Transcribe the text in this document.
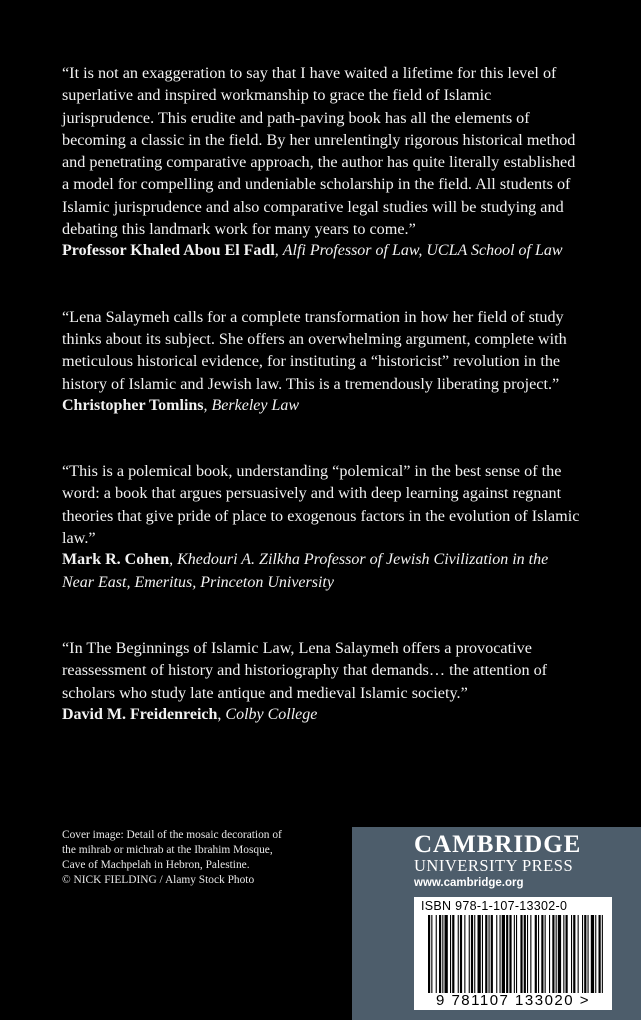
“It is not an exaggeration to say that I have waited a lifetime for this level of superlative and inspired workmanship to grace the field of Islamic jurisprudence. This erudite and path-paving book has all the elements of becoming a classic in the field. By her unrelentingly rigorous historical method and penetrating comparative approach, the author has quite literally established a model for compelling and undeniable scholarship in the field. All students of Islamic jurisprudence and also comparative legal studies will be studying and debating this landmark work for many years to come.”

Professor Khaled Abou El Fadl, Alfi Professor of Law, UCLA School of Law

“Lena Salaymeh calls for a complete transformation in how her field of study thinks about its subject. She offers an overwhelming argument, complete with meticulous historical evidence, for instituting a “historicist” revolution in the history of Islamic and Jewish law. This is a tremendously liberating project.”

Christopher Tomlins, Berkeley Law

“This is a polemical book, understanding “polemical” in the best sense of the word: a book that argues persuasively and with deep learning against regnant theories that give pride of place to exogenous factors in the evolution of Islamic law.”

Mark R. Cohen, Khedouri A. Zilkha Professor of Jewish Civilization in the Near East, Emeritus, Princeton University

“In The Beginnings of Islamic Law, Lena Salaymeh offers a provocative reassessment of history and historiography that demands… the attention of scholars who study late antique and medieval Islamic society.”

David M. Freidenreich, Colby College

Cover image: Detail of the mosaic decoration of

the mihrab or michrab at the Ibrahim Mosque,

Cave of Machpelah in Hebron, Palestine.

© NICK FIELDING / Alamy Stock Photo

CAMBRIDGE
UNIVERSITY PRESS
www.cambridge.org
ISBN 978-1-107-13302-0
9 781107 133020 >
